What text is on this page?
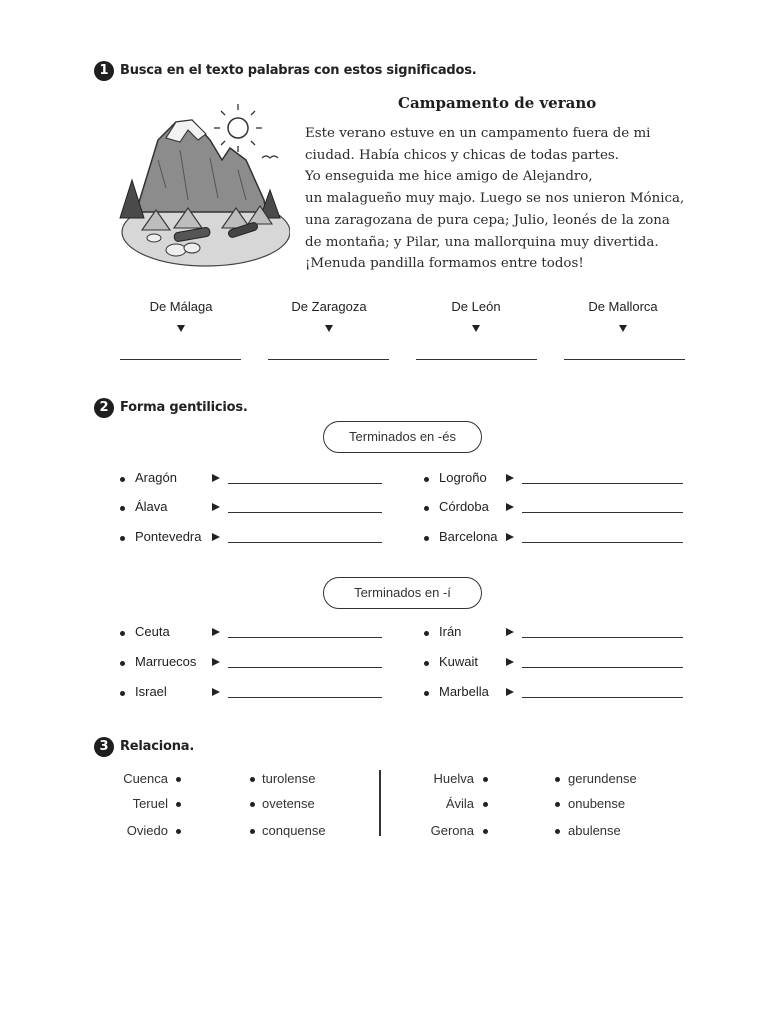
1 Busca en el texto palabras con estos significados.
Campamento de verano
Este verano estuve en un campamento fuera de mi
ciudad. Había chicos y chicas de todas partes.
Yo enseguida me hice amigo de Alejandro,
un malagueño muy majo. Luego se nos unieron Mónica,
una zaragozana de pura cepa; Julio, leonés de la zona
de montaña; y Pilar, una mallorquina muy divertida.
¡Menuda pandilla formamos entre todos!
De Málaga	De Zaragoza	De León	De Mallorca
2 Forma gentilicios.
Terminados en -és
Aragón
Álava
Pontevedra
Logroño
Córdoba
Barcelona
Terminados en -í
Ceuta
Marruecos
Israel
Irán
Kuwait
Marbella
3 Relaciona.
Cuenca
Teruel
Oviedo
turolense
ovetense
conquense
Huelva
Ávila
Gerona
gerundense
onubense
abulense
